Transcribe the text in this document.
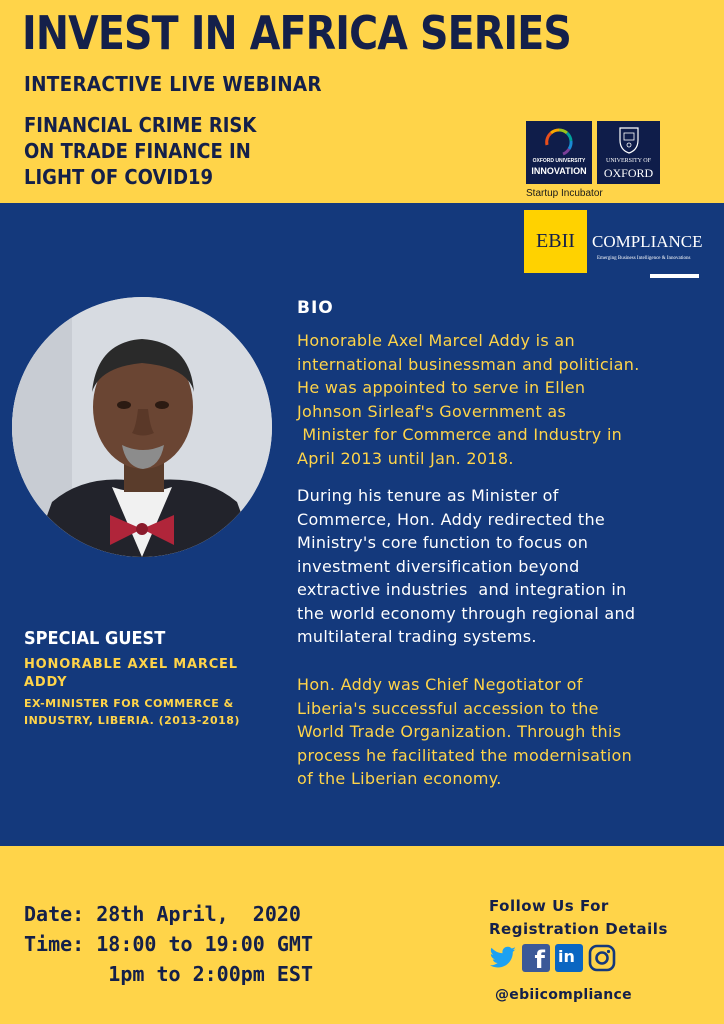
INVEST IN AFRICA SERIES
INTERACTIVE LIVE WEBINAR
FINANCIAL CRIME RISK
ON TRADE FINANCE IN
LIGHT OF COVID19
OXFORD UNIVERSITY
INNOVATION
UNIVERSITY OF
OXFORD
Startup Incubator
EBII COMPLIANCE
Emerging Business Intelligence & Innovations
BIO
Honorable Axel Marcel Addy is an
international businessman and politician.
He was appointed to serve in Ellen
Johnson Sirleaf's Government as
Minister for Commerce and Industry in
April 2013 until Jan. 2018.
During his tenure as Minister of
Commerce, Hon. Addy redirected the
Ministry's core function to focus on
investment diversification beyond
extractive industries  and integration in
the world economy through regional and
multilateral trading systems.
Hon. Addy was Chief Negotiator of
Liberia's successful accession to the
World Trade Organization. Through this
process he facilitated the modernisation
of the Liberian economy.
SPECIAL GUEST
HONORABLE AXEL MARCEL
ADDY
EX-MINISTER FOR COMMERCE &
INDUSTRY, LIBERIA. (2013-2018)
Date: 28th April,  2020
Time: 18:00 to 19:00 GMT
1pm to 2:00pm EST
Follow Us For
Registration Details
f in
@ebiicompliance
